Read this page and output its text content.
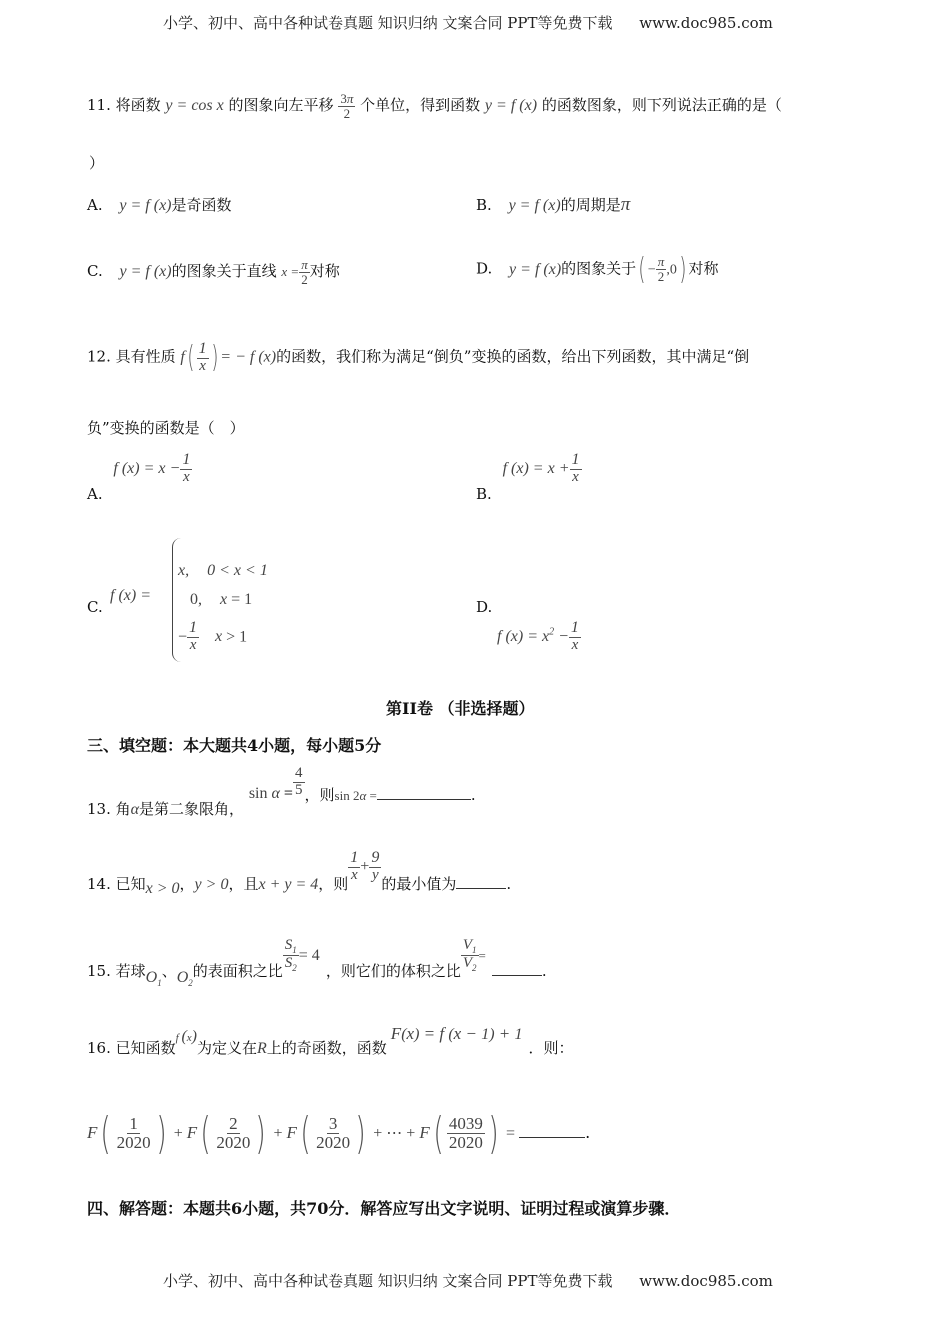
小学、初中、高中各种试卷真题 知识归纳 文案合同 PPT等免费下载 www.doc985.com
11. 将函数 y = cos x 的图象向左平移 $\frac{3\pi}{2}$ 个单位，得到函数 y = f (x) 的函数图象，则下列说法正确的是（
）
A. y = f (x)是奇函数	B. y = f (x)的周期是π
C. y = f (x)的图象关于直线 $x = \frac{\pi}{2}$ 对称	D. y = f (x)的图象关于( − $\frac{\pi}{2} ,0$) 对称
12. 具有性质 $f( \frac{1}{x}$ ) = − f (x)的函数，我们称为满足“倒负”变换的函数，给出下列函数，其中满足“倒
负”变换的函数是（　）
A. f $(x) = x - \frac{1}{x}$
B. f $(x) = x + \frac{1}{x}$
C.
f (x) =
x, 0 < x < 1
0, x = 1
− $\frac{1}{x}$ x > 1
D.
f $(x) = x^2 - \frac{1}{x}$
第II卷 （非选择题）
三、填空题：本大题共4小题，每小题5分
13. 角α是第二象限角， $\sin \alpha = \frac{4}{5}$ ，则sin 2α =	.
14. 已知x > 0，y > 0，且x + y = 4，则
$\frac{1}{x} + \frac{9}{y}$
的最小值为	.
15. 若球$O_1$、$O_2$的表面积之比 $\frac{S_1}{S_2} = 4$，则它们的体积之比 $\frac{V_1}{V_2}$ =.
16. 已知函数f (x)为定义在R上的奇函数，函数F(x) = f (x − 1) + 1．则：
$F( \frac{1}{2020}$ ) + $F( \frac{2}{2020}$ ) + $F( \frac{3}{2020}$ ) + ⋯ + $F( \frac{4039}{2020}$ ) =	.
四、解答题：本题共6小题，共70分．解答应写出文字说明、证明过程或演算步骤．
小学、初中、高中各种试卷真题 知识归纳 文案合同 PPT等免费下载 www.doc985.com
